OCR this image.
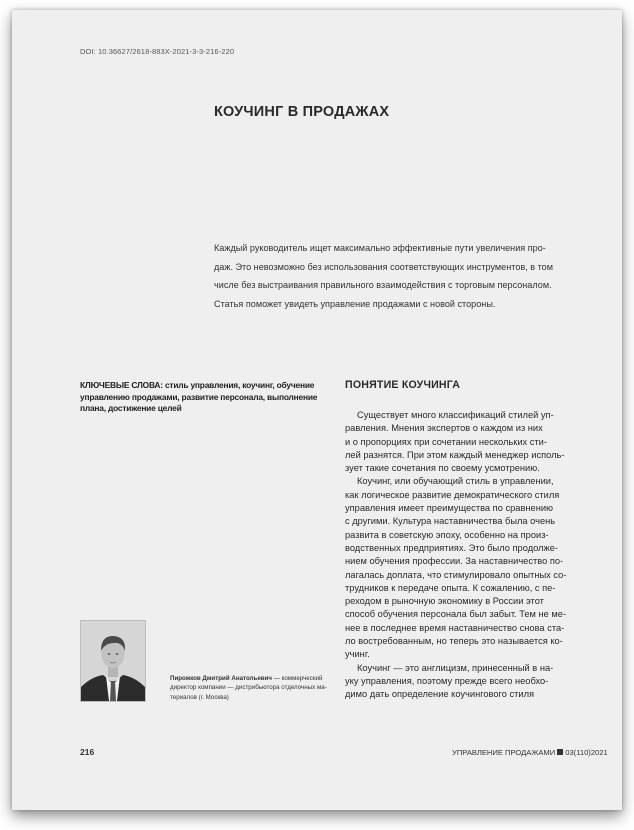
DOI: 10.36627/2618-883X-2021-3-3-216-220
КОУЧИНГ В ПРОДАЖАХ
Каждый руководитель ищет максимально эффективные пути увеличения про-
даж. Это невозможно без использования соответствующих инструментов, в том
числе без выстраивания правильного взаимодействия с торговым персоналом.
Статья поможет увидеть управление продажами с новой стороны.
КЛЮЧЕВЫЕ СЛОВА: стиль управления, коучинг, обучение
управлению продажами, развитие персонала, выполнение
плана, достижение целей
ПОНЯТИЕ КОУЧИНГА
Существует много классификаций стилей уп-
равления. Мнения экспертов о каждом из них
и о пропорциях при сочетании нескольких сти-
лей разнятся. При этом каждый менеджер исполь-
зует такие сочетания по своему усмотрению.
Коучинг, или обучающий стиль в управлении,
как логическое развитие демократического стиля
управления имеет преимущества по сравнению
с другими. Культура наставничества была очень
развита в советскую эпоху, особенно на произ-
водственных предприятиях. Это было продолже-
нием обучения профессии. За наставничество по-
лагалась доплата, что стимулировало опытных со-
трудников к передаче опыта. К сожалению, с пе-
реходом в рыночную экономику в России этот
способ обучения персонала был забыт. Тем не ме-
нее в последнее время наставничество снова ста-
ло востребованным, но теперь это называется ко-
учинг.
Коучинг — это англицизм, принесенный в на-
уку управления, поэтому прежде всего необхо-
димо дать определение коучингового стиля
Пирожков Дмитрий Анатольевич — коммерческий
директор компании — дистрибьютора отделочных ма-
териалов (г. Москва)
216	УПРАВЛЕНИЕ ПРОДАЖАМИ 03(110)2021
